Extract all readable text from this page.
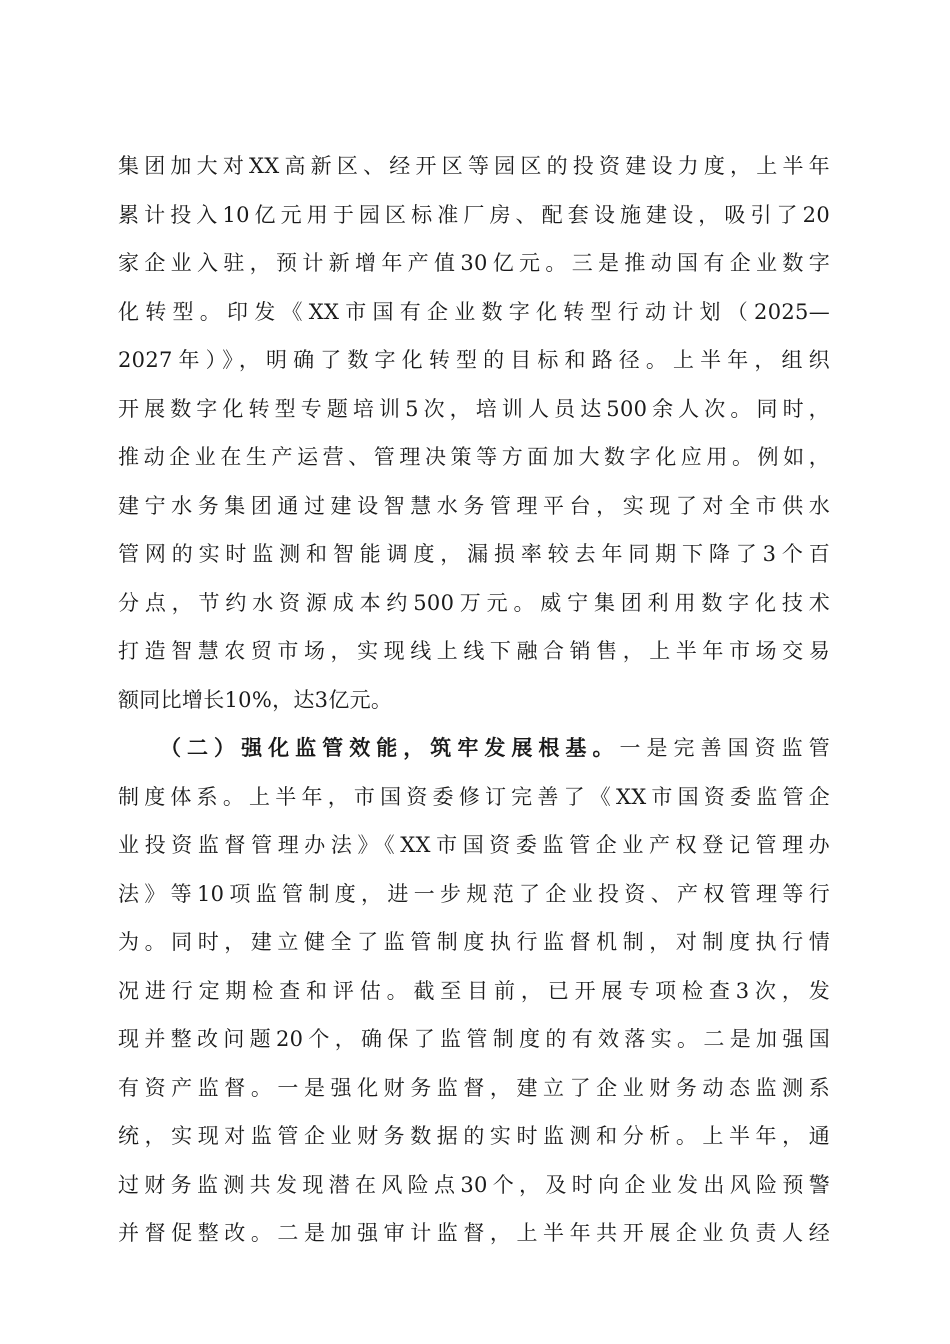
集团加大对XX高新区、经开区等园区的投资建设力度，上半年
累计投入10亿元用于园区标准厂房、配套设施建设，吸引了20
家企业入驻，预计新增年产值30亿元。三是推动国有企业数字
化转型。印发《XX市国有企业数字化转型行动计划（2025—
2027年）》，明确了数字化转型的目标和路径。上半年，组织
开展数字化转型专题培训5次，培训人员达500余人次。同时，
推动企业在生产运营、管理决策等方面加大数字化应用。例如，
建宁水务集团通过建设智慧水务管理平台，实现了对全市供水
管网的实时监测和智能调度，漏损率较去年同期下降了3个百
分点，节约水资源成本约500万元。威宁集团利用数字化技术
打造智慧农贸市场，实现线上线下融合销售，上半年市场交易
额同比增长10%，达3亿元。
（二）强化监管效能，筑牢发展根基。一是完善国资监管
制度体系。上半年，市国资委修订完善了《XX市国资委监管企
业投资监督管理办法》《XX市国资委监管企业产权登记管理办
法》等10项监管制度，进一步规范了企业投资、产权管理等行
为。同时，建立健全了监管制度执行监督机制，对制度执行情
况进行定期检查和评估。截至目前，已开展专项检查3次，发
现并整改问题20个，确保了监管制度的有效落实。二是加强国
有资产监督。一是强化财务监督，建立了企业财务动态监测系
统，实现对监管企业财务数据的实时监测和分析。上半年，通
过财务监测共发现潜在风险点30个，及时向企业发出风险预警
并督促整改。二是加强审计监督，上半年共开展企业负责人经
